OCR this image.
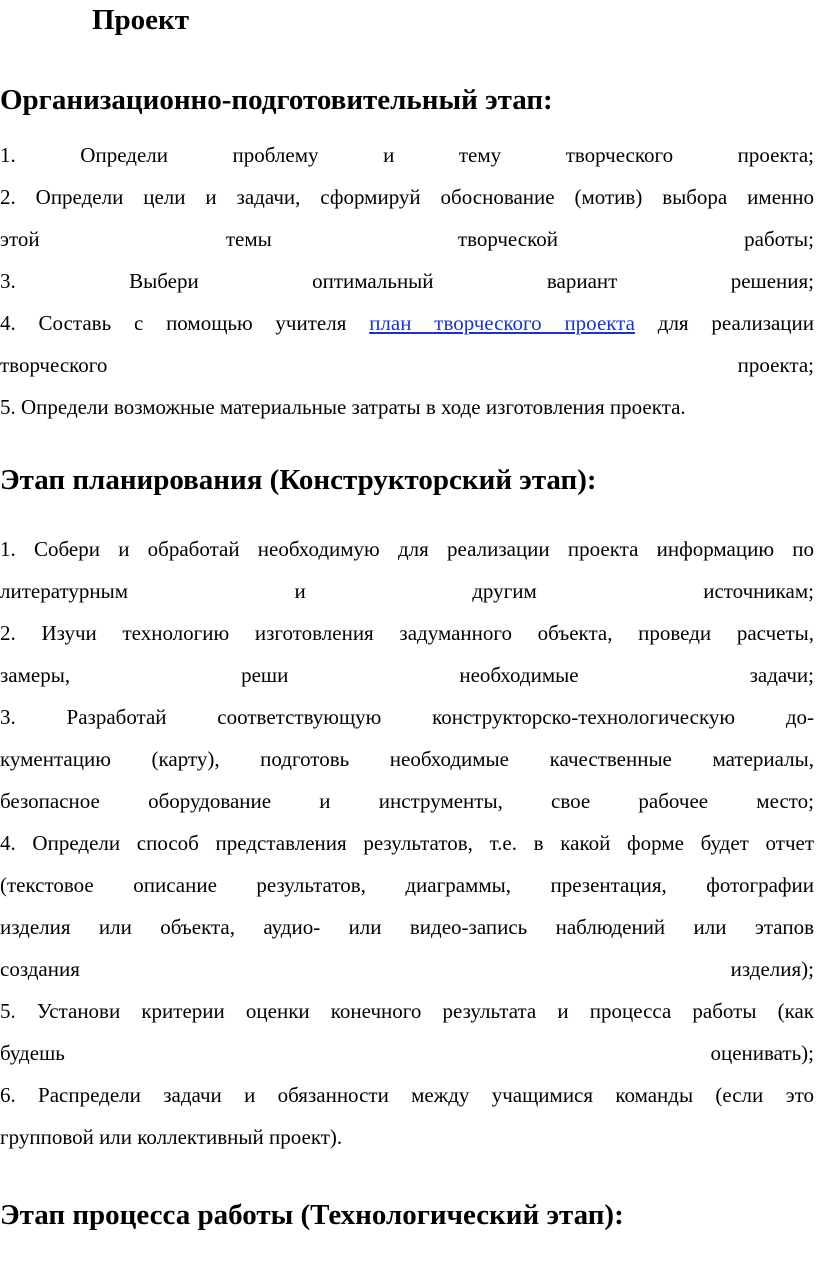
Проект
Организационно-подготовительный этап:
1. Определи проблему и тему творческого проекта;
2. Определи цели и задачи, сформируй обоснование (мотив) выбора именно
этой темы творческой работы;
3. Выбери оптимальный вариант решения;
4. Составь с помощью учителя план творческого проекта для реализации
творческого проекта;
5. Определи возможные материальные затраты в ходе изготовления проекта.
Этап планирования (Конструкторский этап):
1. Собери и обработай необходимую для реализации проекта информацию по
литературным и другим источникам;
2. Изучи технологию изготовления задуманного объекта, проведи расчеты,
замеры, реши необходимые задачи;
3. Разработай соответствующую конструкторско-технологическую до-
кументацию (карту), подготовь необходимые качественные материалы,
безопасное оборудование и инструменты, свое рабочее место;
4. Определи способ представления результатов, т.е. в какой форме будет отчет
(текстовое описание результатов, диаграммы, презентация, фотографии
изделия или объекта, аудио- или видео-запись наблюдений или этапов
создания изделия);
5. Установи критерии оценки конечного результата и процесса работы (как
будешь оценивать);
6. Распредели задачи и обязанности между учащимися команды (если это
групповой или коллективный проект).
Этап процесса работы (Технологический этап):
